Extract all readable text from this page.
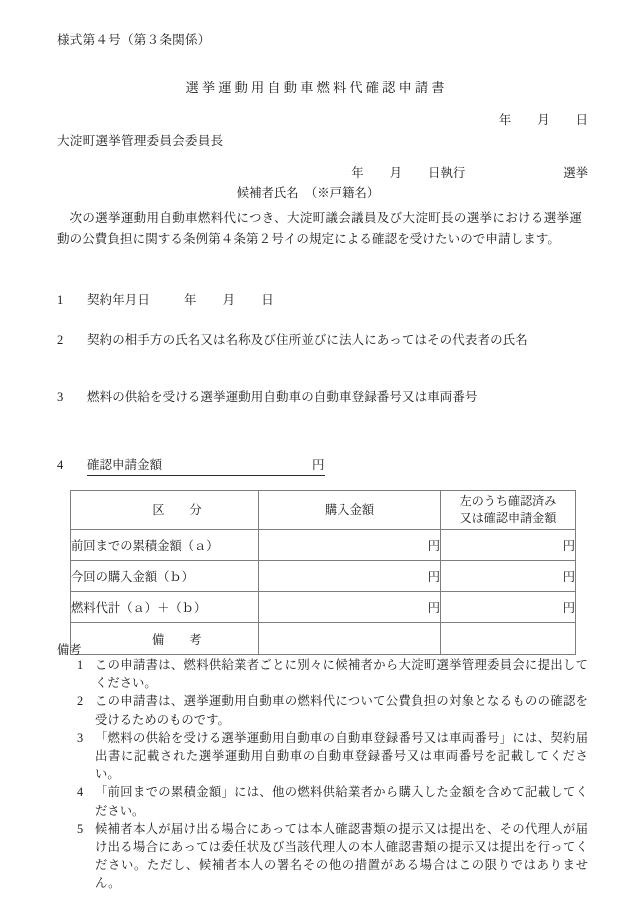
様式第４号（第３条関係）
選挙運動用自動車燃料代確認申請書
年 月 日
大淀町選挙管理委員会委員長
年 月 日執行	選挙
候補者氏名　（※戸籍名）
次の選挙運動用自動車燃料代につき、大淀町議会議員及び大淀町長の選挙における選挙運動の公費負担に関する条例第４条第２号イの規定による確認を受けたいので申請します。
1 契約年月日	年 月 日
2 契約の相手方の氏名又は名称及び住所並びに法人にあってはその代表者の氏名
3 燃料の供給を受ける選挙運動用自動車の自動車登録番号又は車両番号
4 確認申請金額	円
区 分	購入金額	左のうち確認済み
又は確認申請金額
前回までの累積金額（ａ）	円	円
今回の購入金額（ｂ）	円	円
燃料代計（ａ）＋（ｂ）	円	円
備 考		
備考
1 この申請書は、燃料供給業者ごとに別々に候補者から大淀町選挙管理委員会に提出してください。
2 この申請書は、選挙運動用自動車の燃料代について公費負担の対象となるものの確認を受けるためのものです。
3 「燃料の供給を受ける選挙運動用自動車の自動車登録番号又は車両番号」には、契約届出書に記載された選挙運動用自動車の自動車登録番号又は車両番号を記載してください。
4 「前回までの累積金額」には、他の燃料供給業者から購入した金額を含めて記載してください。
5 候補者本人が届け出る場合にあっては本人確認書類の提示又は提出を、その代理人が届け出る場合にあっては委任状及び当該代理人の本人確認書類の提示又は提出を行ってください。ただし、候補者本人の署名その他の措置がある場合はこの限りではありません。
